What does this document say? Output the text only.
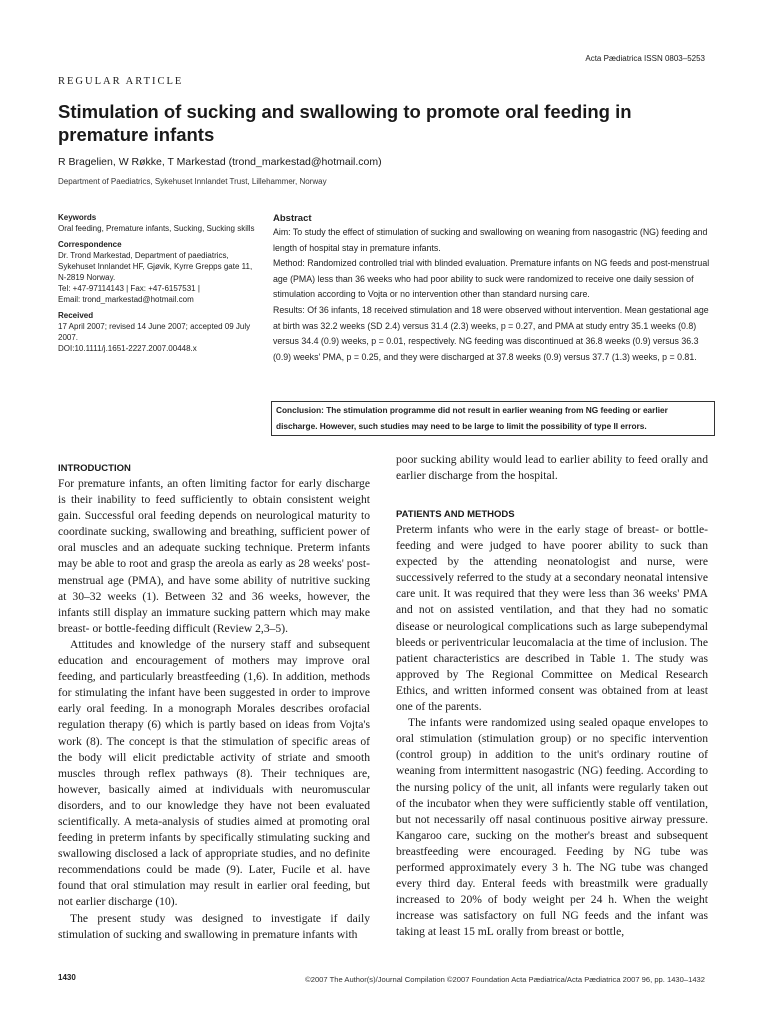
Acta Pædiatrica ISSN 0803–5253
REGULAR ARTICLE
Stimulation of sucking and swallowing to promote oral feeding in premature infants
R Bragelien, W Røkke, T Markestad (trond_markestad@hotmail.com)
Department of Paediatrics, Sykehuset Innlandet Trust, Lillehammer, Norway
Keywords
Oral feeding, Premature infants, Sucking, Sucking skills
Correspondence
Dr. Trond Markestad, Department of paediatrics, Sykehuset Innlandet HF, Gjøvik, Kyrre Grepps gate 11, N-2819 Norway.
Tel: +47-97114143 | Fax: +47-6157531 |
Email: trond_markestad@hotmail.com
Received
17 April 2007; revised 14 June 2007; accepted 09 July 2007.
DOI:10.1111/j.1651-2227.2007.00448.x
Abstract

Aim: To study the effect of stimulation of sucking and swallowing on weaning from nasogastric (NG) feeding and length of hospital stay in premature infants.

Method: Randomized controlled trial with blinded evaluation. Premature infants on NG feeds and post-menstrual age (PMA) less than 36 weeks who had poor ability to suck were randomized to receive one daily session of stimulation according to Vojta or no intervention other than standard nursing care.

Results: Of 36 infants, 18 received stimulation and 18 were observed without intervention. Mean gestational age at birth was 32.2 weeks (SD 2.4) versus 31.4 (2.3) weeks, p = 0.27, and PMA at study entry 35.1 weeks (0.8) versus 34.4 (0.9) weeks, p = 0.01, respectively. NG feeding was discontinued at 36.8 weeks (0.9) versus 36.3 (0.9) weeks' PMA, p = 0.25, and they were discharged at 37.8 weeks (0.9) versus 37.7 (1.3) weeks, p = 0.81.

Conclusion: The stimulation programme did not result in earlier weaning from NG feeding or earlier discharge. However, such studies may need to be large to limit the possibility of type II errors.
INTRODUCTION

For premature infants, an often limiting factor for early discharge is their inability to feed sufficiently to obtain consistent weight gain. Successful oral feeding depends on neurological maturity to coordinate sucking, swallowing and breathing, sufficient power of oral muscles and an adequate sucking technique. Preterm infants may be able to root and grasp the areola as early as 28 weeks' post-menstrual age (PMA), and have some ability of nutritive sucking at 30–32 weeks (1). Between 32 and 36 weeks, however, the infants still display an immature sucking pattern which may make breast- or bottle-feeding difficult (Review 2,3–5).

Attitudes and knowledge of the nursery staff and subsequent education and encouragement of mothers may improve oral feeding, and particularly breastfeeding (1,6). In addition, methods for stimulating the infant have been suggested in order to improve early oral feeding. In a monograph Morales describes orofacial regulation therapy (6) which is partly based on ideas from Vojta's work (8). The concept is that the stimulation of specific areas of the body will elicit predictable activity of striate and smooth muscles through reflex pathways (8). Their techniques are, however, basically aimed at individuals with neuromuscular disorders, and to our knowledge they have not been evaluated scientifically. A meta-analysis of studies aimed at promoting oral feeding in preterm infants by specifically stimulating sucking and swallowing disclosed a lack of appropriate studies, and no definite recommendations could be made (9). Later, Fucile et al. have found that oral stimulation may result in earlier oral feeding, but not earlier discharge (10).

The present study was designed to investigate if daily stimulation of sucking and swallowing in premature infants with

poor sucking ability would lead to earlier ability to feed orally and earlier discharge from the hospital.

PATIENTS AND METHODS

Preterm infants who were in the early stage of breast- or bottle-feeding and were judged to have poorer ability to suck than expected by the attending neonatologist and nurse, were successively referred to the study at a secondary neonatal intensive care unit. It was required that they were less than 36 weeks' PMA and not on assisted ventilation, and that they had no somatic disease or neurological complications such as large subependymal bleeds or periventricular leucomalacia at the time of inclusion. The patient characteristics are described in Table 1. The study was approved by The Regional Committee on Medical Research Ethics, and written informed consent was obtained from at least one of the parents.

The infants were randomized using sealed opaque envelopes to oral stimulation (stimulation group) or no specific intervention (control group) in addition to the unit's ordinary routine of weaning from intermittent nasogastric (NG) feeding. According to the nursing policy of the unit, all infants were regularly taken out of the incubator when they were sufficiently stable off ventilation, but not necessarily off nasal continuous positive airway pressure. Kangaroo care, sucking on the mother's breast and subsequent breastfeeding were encouraged. Feeding by NG tube was performed approximately every 3 h. The NG tube was changed every third day. Enteral feeds with breastmilk were gradually increased to 20% of body weight per 24 h. When the weight increase was satisfactory on full NG feeds and the infant was taking at least 15 mL orally from breast or bottle,

1430	©2007 The Author(s)/Journal Compilation ©2007 Foundation Acta Pædiatrica/Acta Pædiatrica 2007 96, pp. 1430–1432
